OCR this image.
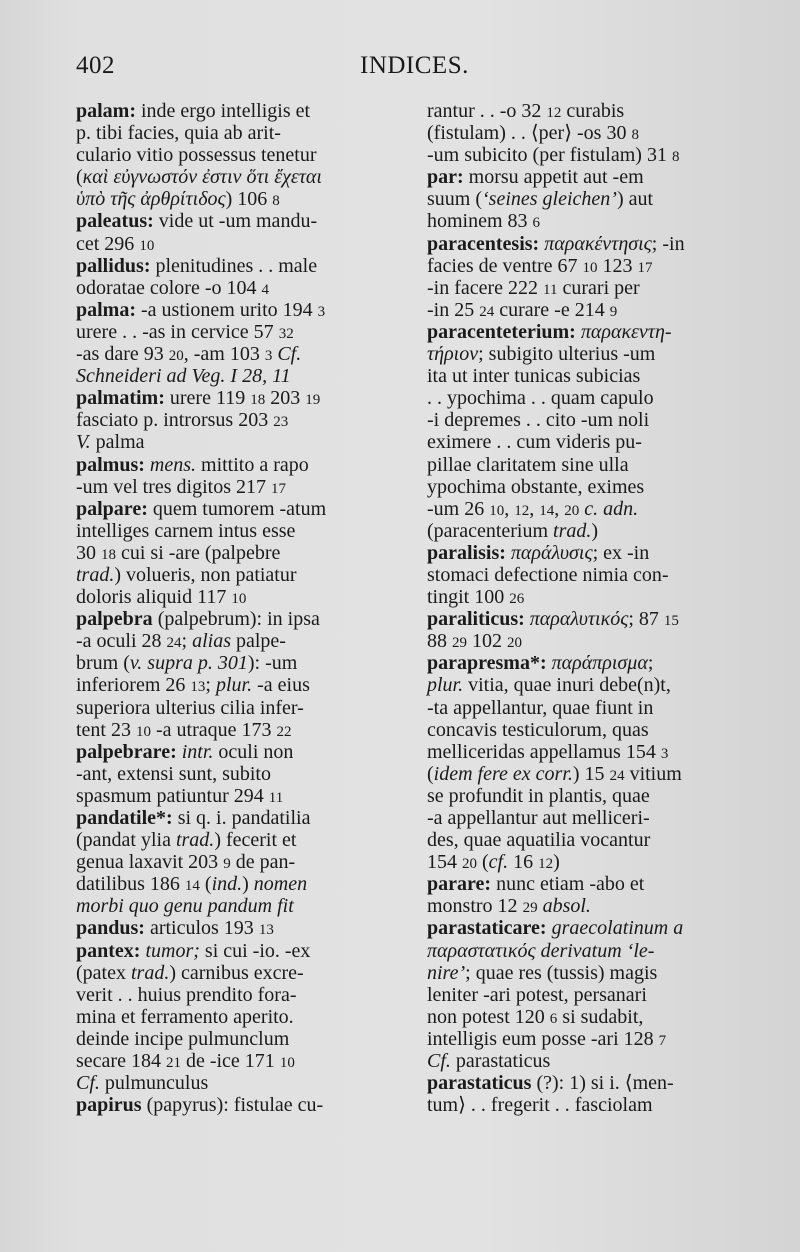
402	INDICES.
palam: inde ergo intelligis et
p. tibi facies, quia ab arit-
culario vitio possessus tenetur
(καὶ εὐγνωστόν ἐστιν ὅτι ἔχεται
ὑπὸ τῆς ἀρθρίτιδος) 106 8
paleatus: vide ut -um mandu-
cet 296 10
pallidus: plenitudines . . male
odoratae colore -o 104 4
palma: -a ustionem urito 194 3
urere . . -as in cervice 57 32
-as dare 93 20, -am 103 3 Cf.
Schneideri ad Veg. I 28, 11
palmatim: urere 119 18 203 19
fasciato p. introrsus 203 23
V. palma
palmus: mens. mittito a rapo
-um vel tres digitos 217 17
palpare: quem tumorem -atum
intelliges carnem intus esse
30 18 cui si -are (palpebre
trad.) volueris, non patiatur
doloris aliquid 117 10
palpebra (palpebrum): in ipsa
-a oculi 28 24; alias palpe-
brum (v. supra p. 301): -um
inferiorem 26 13; plur. -a eius
superiora ulterius cilia infer-
tent 23 10 -a utraque 173 22
palpebrare: intr. oculi non
-ant, extensi sunt, subito
spasmum patiuntur 294 11
pandatile*: si q. i. pandatilia
(pandat ylia trad.) fecerit et
genua laxavit 203 9 de pan-
datilibus 186 14 (ind.) nomen
morbi quo genu pandum fit
pandus: articulos 193 13
pantex: tumor; si cui -io. -ex
(patex trad.) carnibus excre-
verit . . huius prendito fora-
mina et ferramento aperito.
deinde incipe pulmunclum
secare 184 21 de -ice 171 10
Cf. pulmunculus
papirus (papyrus): fistulae cu-
rantur . . -o 32 12 curabis
(fistulam) . . ⟨per⟩ -os 30 8
-um subicito (per fistulam) 31 8
par: morsu appetit aut -em
suum (‘seines gleichen’) aut
hominem 83 6
paracentesis: παρακέντησις; -in
facies de ventre 67 10 123 17
-in facere 222 11 curari per
-in 25 24 curare -e 214 9
paracenteterium: παρακεντη-
τήριον; subigito ulterius -um
ita ut inter tunicas subicias
. . ypochima . . quam capulo
-i depremes . . cito -um noli
eximere . . cum videris pu-
pillae claritatem sine ulla
ypochima obstante, eximes
-um 26 10, 12, 14, 20 c. adn.
(paracenterium trad.)
paralisis: παράλυσις; ex -in
stomaci defectione nimia con-
tingit 100 26
paraliticus: παραλυτικός; 87 15
88 29 102 20
parapresma*: παράπρισμα;
plur. vitia, quae inuri debe(n)t,
-ta appellantur, quae fiunt in
concavis testiculorum, quas
melliceridas appellamus 154 3
(idem fere ex corr.) 15 24 vitium
se profundit in plantis, quae
-a appellantur aut melliceri-
des, quae aquatilia vocantur
154 20 (cf. 16 12)
parare: nunc etiam -abo et
monstro 12 29 absol.
parastaticare: graecolatinum a
παραστατικός derivatum ‘le-
nire’; quae res (tussis) magis
leniter -ari potest, persanari
non potest 120 6 si sudabit,
intelligis eum posse -ari 128 7
Cf. parastaticus
parastaticus (?): 1) si i. ⟨men-
tum⟩ . . fregerit . . fasciolam
